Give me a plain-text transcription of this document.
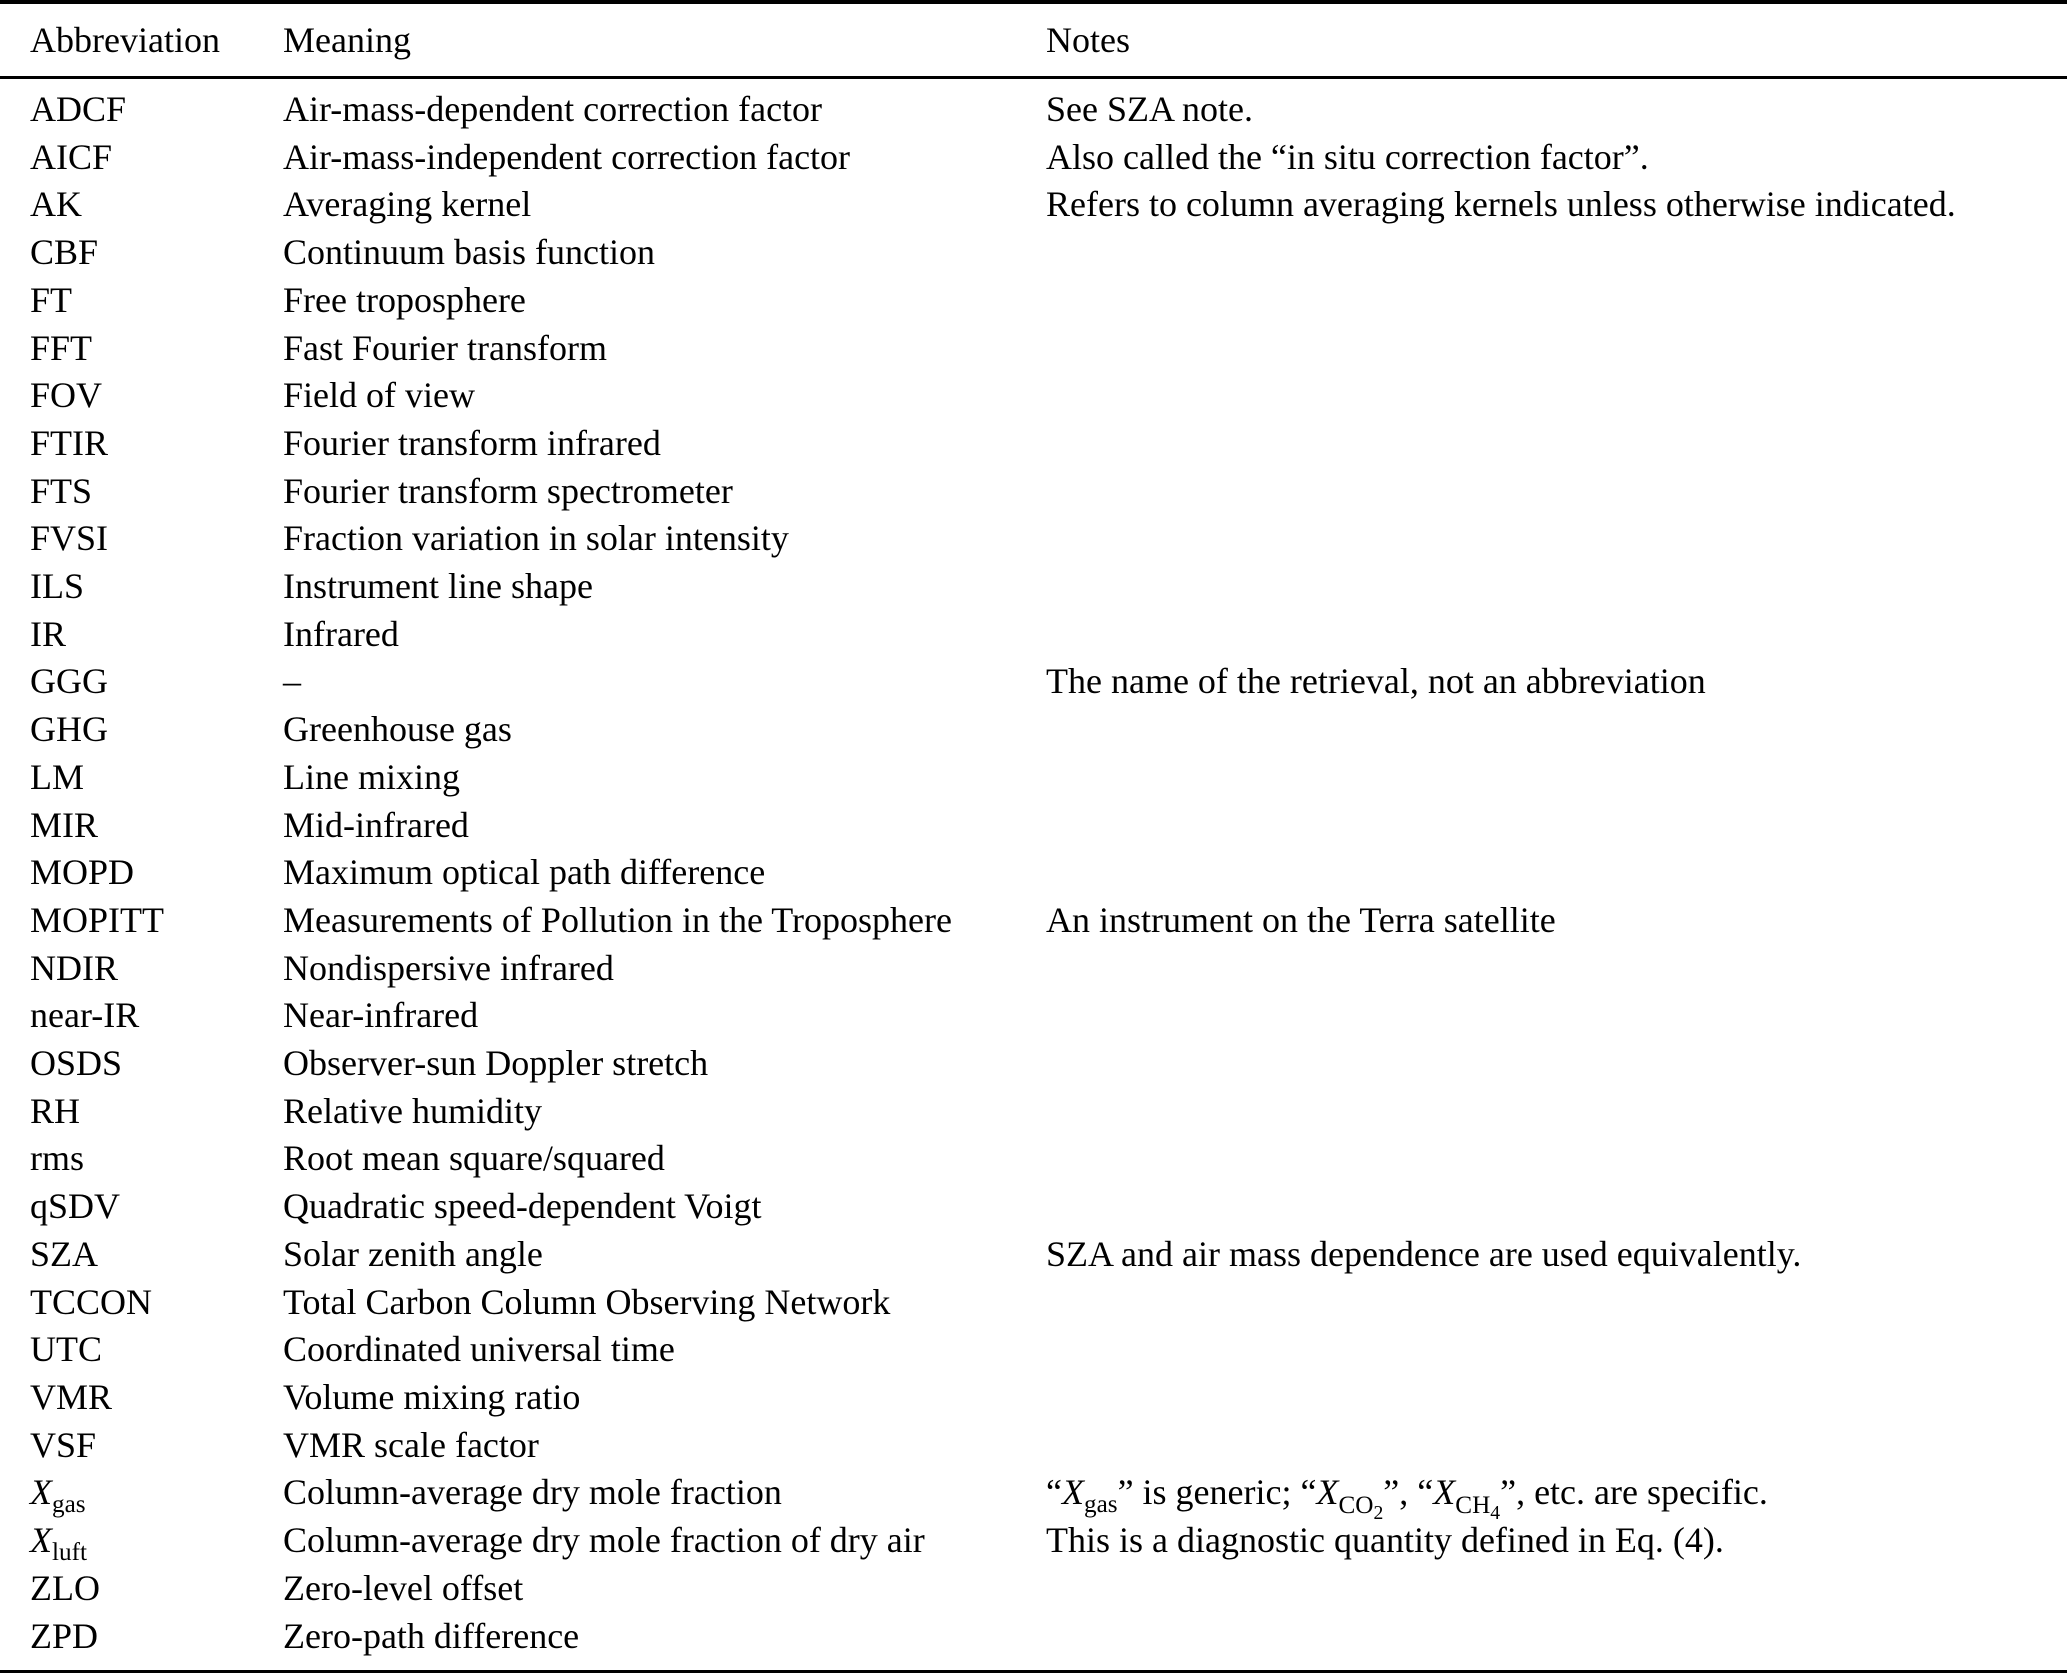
Abbreviation	Meaning	Notes
ADCF	Air-mass-dependent correction factor	See SZA note.
AICF	Air-mass-independent correction factor	Also called the “in situ correction factor”.
AK	Averaging kernel	Refers to column averaging kernels unless otherwise indicated.
CBF	Continuum basis function	
FT	Free troposphere	
FFT	Fast Fourier transform	
FOV	Field of view	
FTIR	Fourier transform infrared	
FTS	Fourier transform spectrometer	
FVSI	Fraction variation in solar intensity	
ILS	Instrument line shape	
IR	Infrared	
GGG	–	The name of the retrieval, not an abbreviation
GHG	Greenhouse gas	
LM	Line mixing	
MIR	Mid-infrared	
MOPD	Maximum optical path difference	
MOPITT	Measurements of Pollution in the Troposphere	An instrument on the Terra satellite
NDIR	Nondispersive infrared	
near-IR	Near-infrared	
OSDS	Observer-sun Doppler stretch	
RH	Relative humidity	
rms	Root mean square/squared	
qSDV	Quadratic speed-dependent Voigt	
SZA	Solar zenith angle	SZA and air mass dependence are used equivalently.
TCCON	Total Carbon Column Observing Network	
UTC	Coordinated universal time	
VMR	Volume mixing ratio	
VSF	VMR scale factor	
$X_{gas}$	Column-average dry mole fraction	“$X_{gas}$” is generic; “$X_{CO_2}$”, “$X_{CH_4}$”, etc. are specific.
$X_{luft}$	Column-average dry mole fraction of dry air	This is a diagnostic quantity defined in Eq. (4).
ZLO	Zero-level offset	
ZPD	Zero-path difference	
